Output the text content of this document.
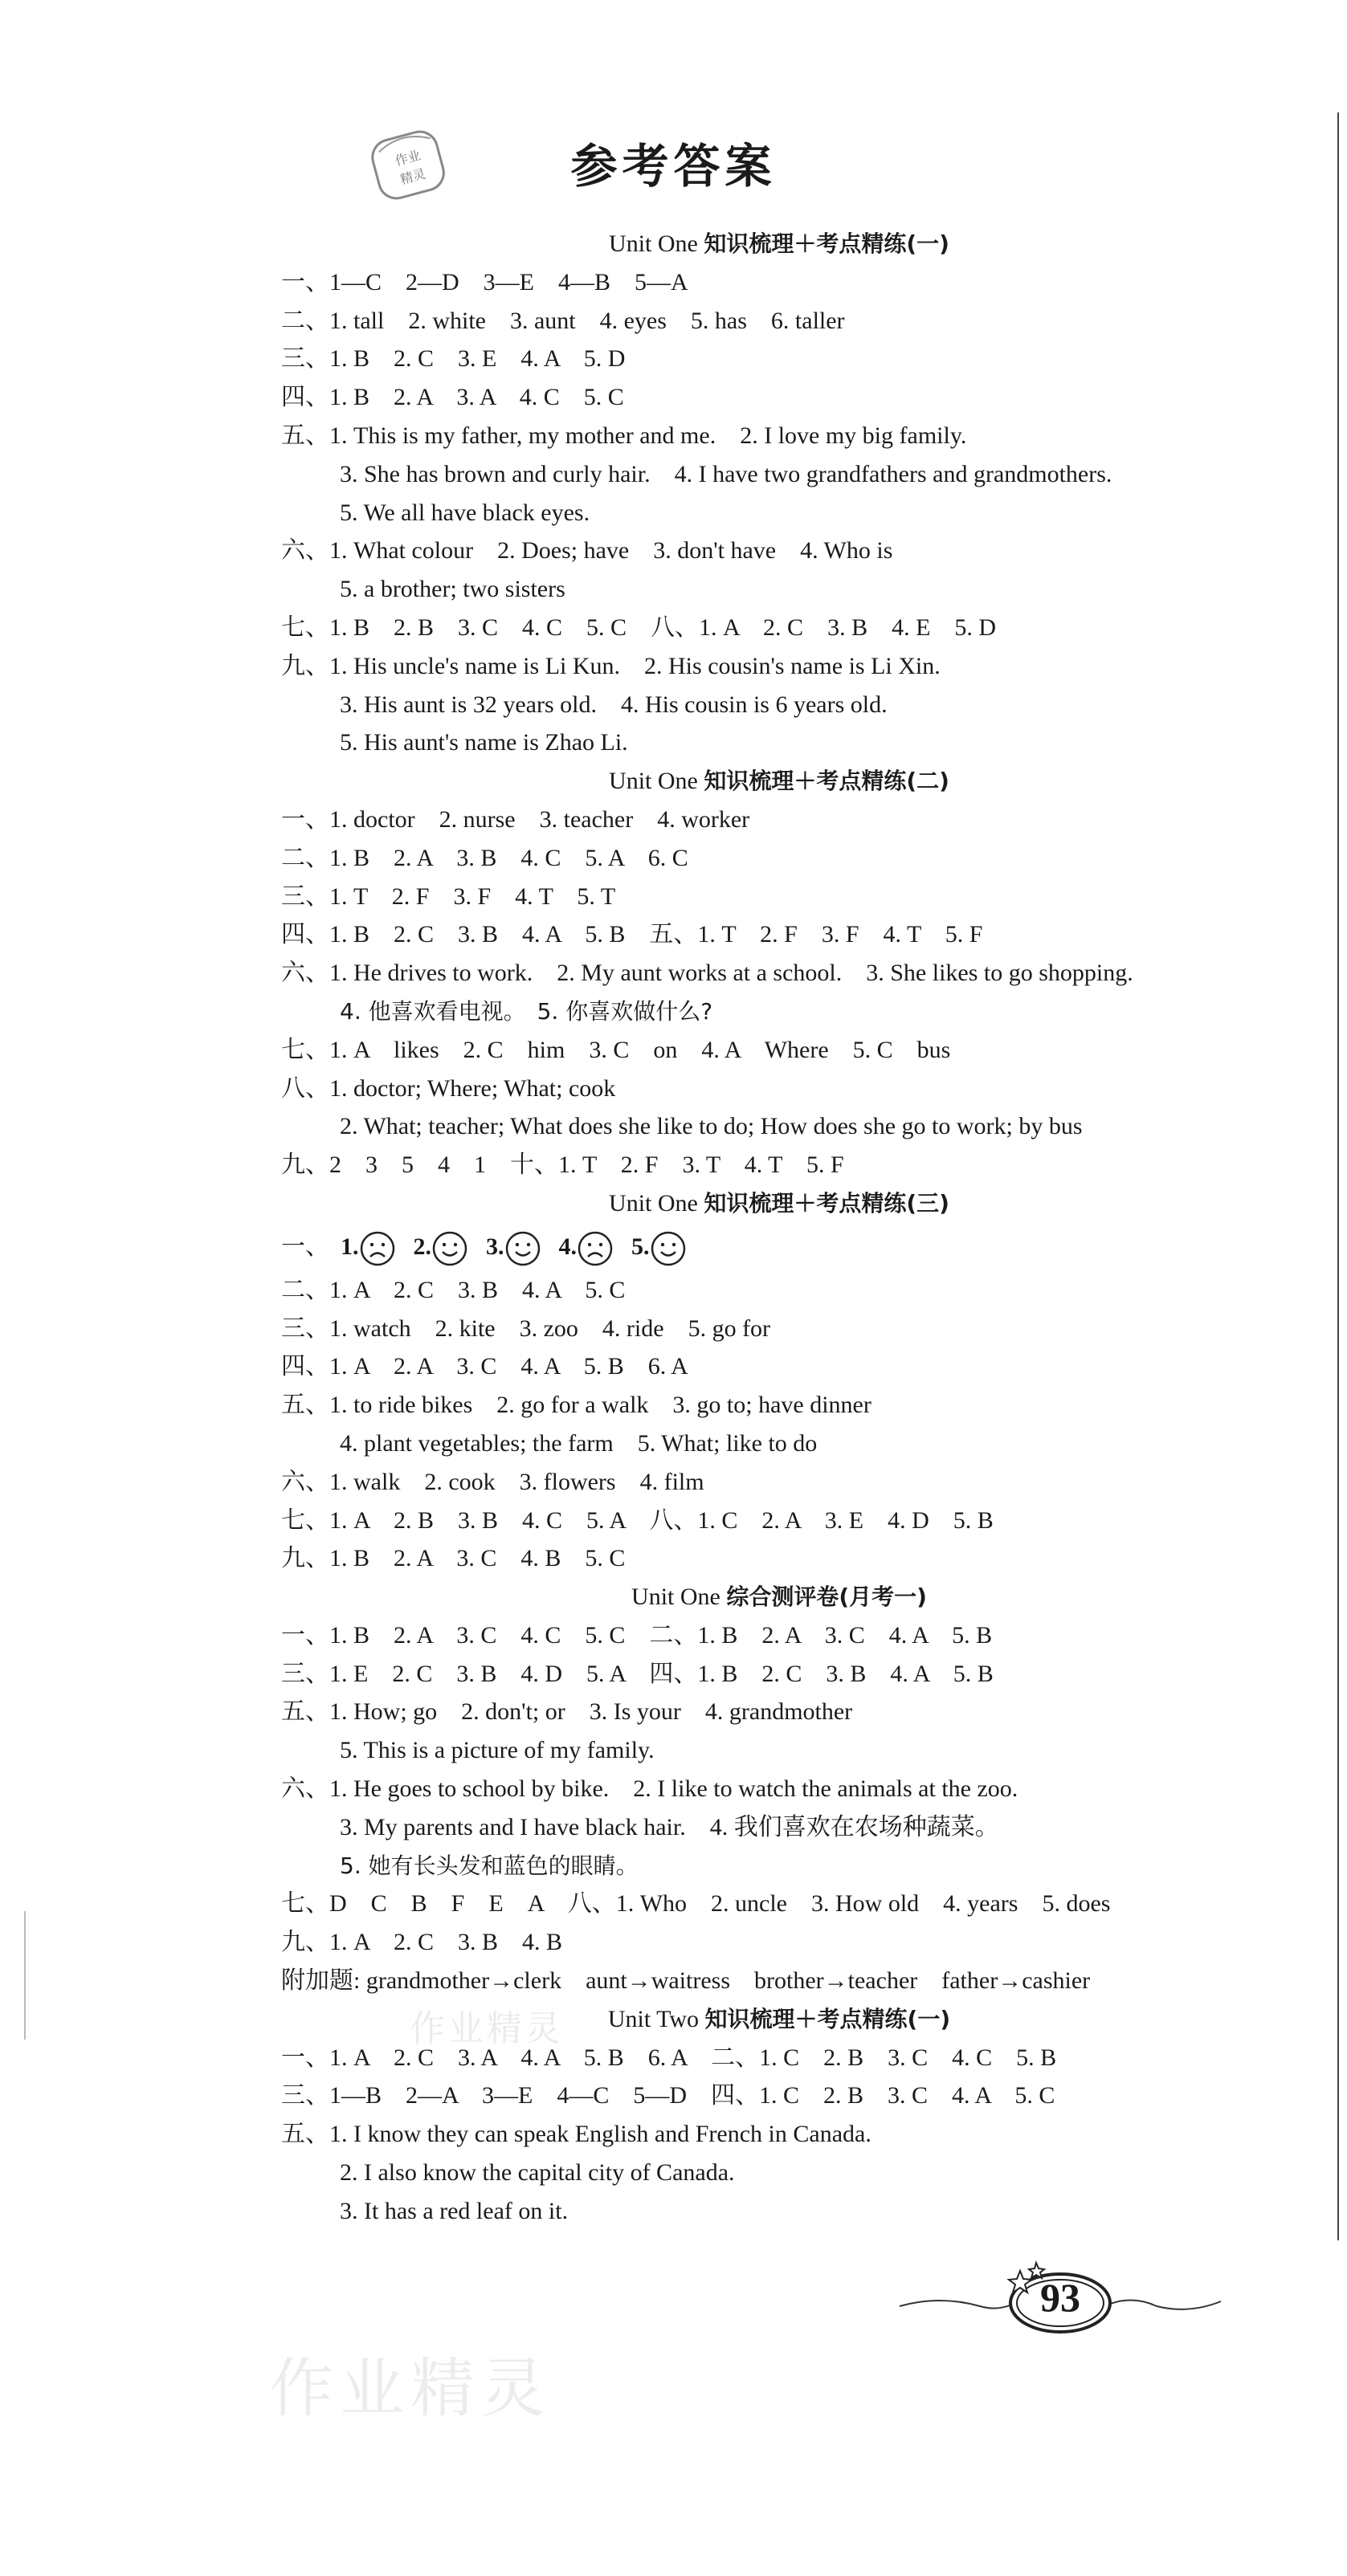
作业
精灵	参考答案
Unit One 知识梳理＋考点精练(一)
一、1—C　2—D　3—E　4—B　5—A
二、1. tall　2. white　3. aunt　4. eyes　5. has　6. taller
三、1. B　2. C　3. E　4. A　5. D
四、1. B　2. A　3. A　4. C　5. C
五、1. This is my father, my mother and me.　2. I love my big family.
3. She has brown and curly hair.　4. I have two grandfathers and grandmothers.
5. We all have black eyes.
六、1. What colour　2. Does; have　3. don't have　4. Who is
5. a brother; two sisters
七、1. B　2. B　3. C　4. C　5. C　八、1. A　2. C　3. B　4. E　5. D
九、1. His uncle's name is Li Kun.　2. His cousin's name is Li Xin.
3. His aunt is 32 years old.　4. His cousin is 6 years old.
5. His aunt's name is Zhao Li.
Unit One 知识梳理＋考点精练(二)
一、1. doctor　2. nurse　3. teacher　4. worker
二、1. B　2. A　3. B　4. C　5. A　6. C
三、1. T　2. F　3. F　4. T　5. T
四、1. B　2. C　3. B　4. A　5. B　五、1. T　2. F　3. F　4. T　5. F
六、1. He drives to work.　2. My aunt works at a school.　3. She likes to go shopping.
4. 他喜欢看电视。　5. 你喜欢做什么?
七、1. A　likes　2. C　him　3. C　on　4. A　Where　5. C　bus
八、1. doctor; Where; What; cook
2. What; teacher; What does she like to do; How does she go to work; by bus
九、2　3　5　4　1　十、1. T　2. F　3. T　4. T　5. F
Unit One 知识梳理＋考点精练(三)
一、 1. 2. 3. 4. 5.
二、1. A　2. C　3. B　4. A　5. C
三、1. watch　2. kite　3. zoo　4. ride　5. go for
四、1. A　2. A　3. C　4. A　5. B　6. A
五、1. to ride bikes　2. go for a walk　3. go to; have dinner
4. plant vegetables; the farm　5. What; like to do
六、1. walk　2. cook　3. flowers　4. film
七、1. A　2. B　3. B　4. C　5. A　八、1. C　2. A　3. E　4. D　5. B
九、1. B　2. A　3. C　4. B　5. C
Unit One 综合测评卷(月考一)
一、1. B　2. A　3. C　4. C　5. C　二、1. B　2. A　3. C　4. A　5. B
三、1. E　2. C　3. B　4. D　5. A　四、1. B　2. C　3. B　4. A　5. B
五、1. How; go　2. don't; or　3. Is your　4. grandmother
5. This is a picture of my family.
六、1. He goes to school by bike.　2. I like to watch the animals at the zoo.
3. My parents and I have black hair.　4. 我们喜欢在农场种蔬菜。
5. 她有长头发和蓝色的眼睛。
七、D　C　B　F　E　A　八、1. Who　2. uncle　3. How old　4. years　5. does
九、1. A　2. C　3. B　4. B
附加题: grandmother→clerk　aunt→waitress　brother→teacher　father→cashier
Unit Two 知识梳理＋考点精练(一)
一、1. A　2. C　3. A　4. A　5. B　6. A　二、1. C　2. B　3. C　4. C　5. B
三、1—B　2—A　3—E　4—C　5—D　四、1. C　2. B　3. C　4. A　5. C
五、1. I know they can speak English and French in Canada.
2. I also know the capital city of Canada.
3. It has a red leaf on it.
93
作业精灵
作业精灵
